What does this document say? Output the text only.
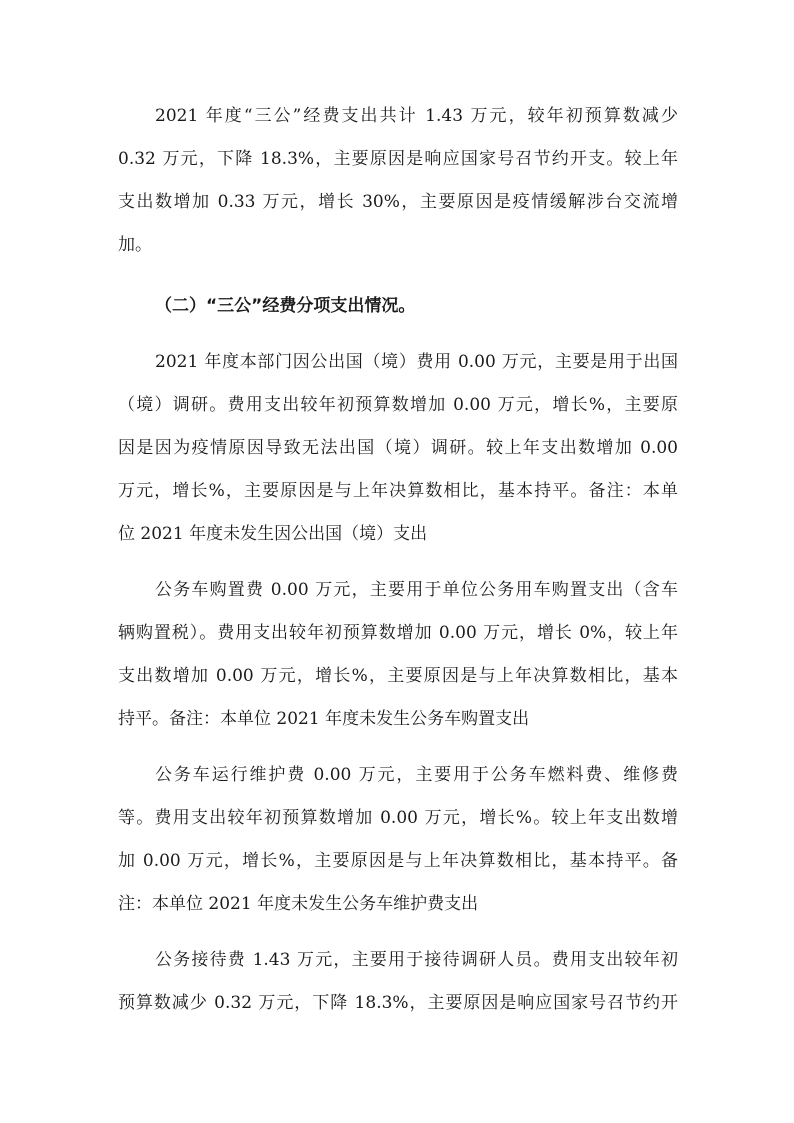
2021 年度“三公”经费支出共计 1.43 万元，较年初预算数减少
0.32 万元，下降 18.3%，主要原因是响应国家号召节约开支。较上年
支出数增加 0.33 万元，增长 30%，主要原因是疫情缓解涉台交流增
加。
（二）“三公”经费分项支出情况。
2021 年度本部门因公出国（境）费用 0.00 万元，主要是用于出国
（境）调研。费用支出较年初预算数增加 0.00 万元，增长%，主要原
因是因为疫情原因导致无法出国（境）调研。较上年支出数增加 0.00
万元，增长%，主要原因是与上年决算数相比，基本持平。备注：本单
位 2021 年度未发生因公出国（境）支出
公务车购置费 0.00 万元，主要用于单位公务用车购置支出（含车
辆购置税）。费用支出较年初预算数增加 0.00 万元，增长 0%，较上年
支出数增加 0.00 万元，增长%，主要原因是与上年决算数相比，基本
持平。备注：本单位 2021 年度未发生公务车购置支出
公务车运行维护费 0.00 万元，主要用于公务车燃料费、维修费
等。费用支出较年初预算数增加 0.00 万元，增长%。较上年支出数增
加 0.00 万元，增长%，主要原因是与上年决算数相比，基本持平。备
注：本单位 2021 年度未发生公务车维护费支出
公务接待费 1.43 万元，主要用于接待调研人员。费用支出较年初
预算数减少 0.32 万元，下降 18.3%，主要原因是响应国家号召节约开
